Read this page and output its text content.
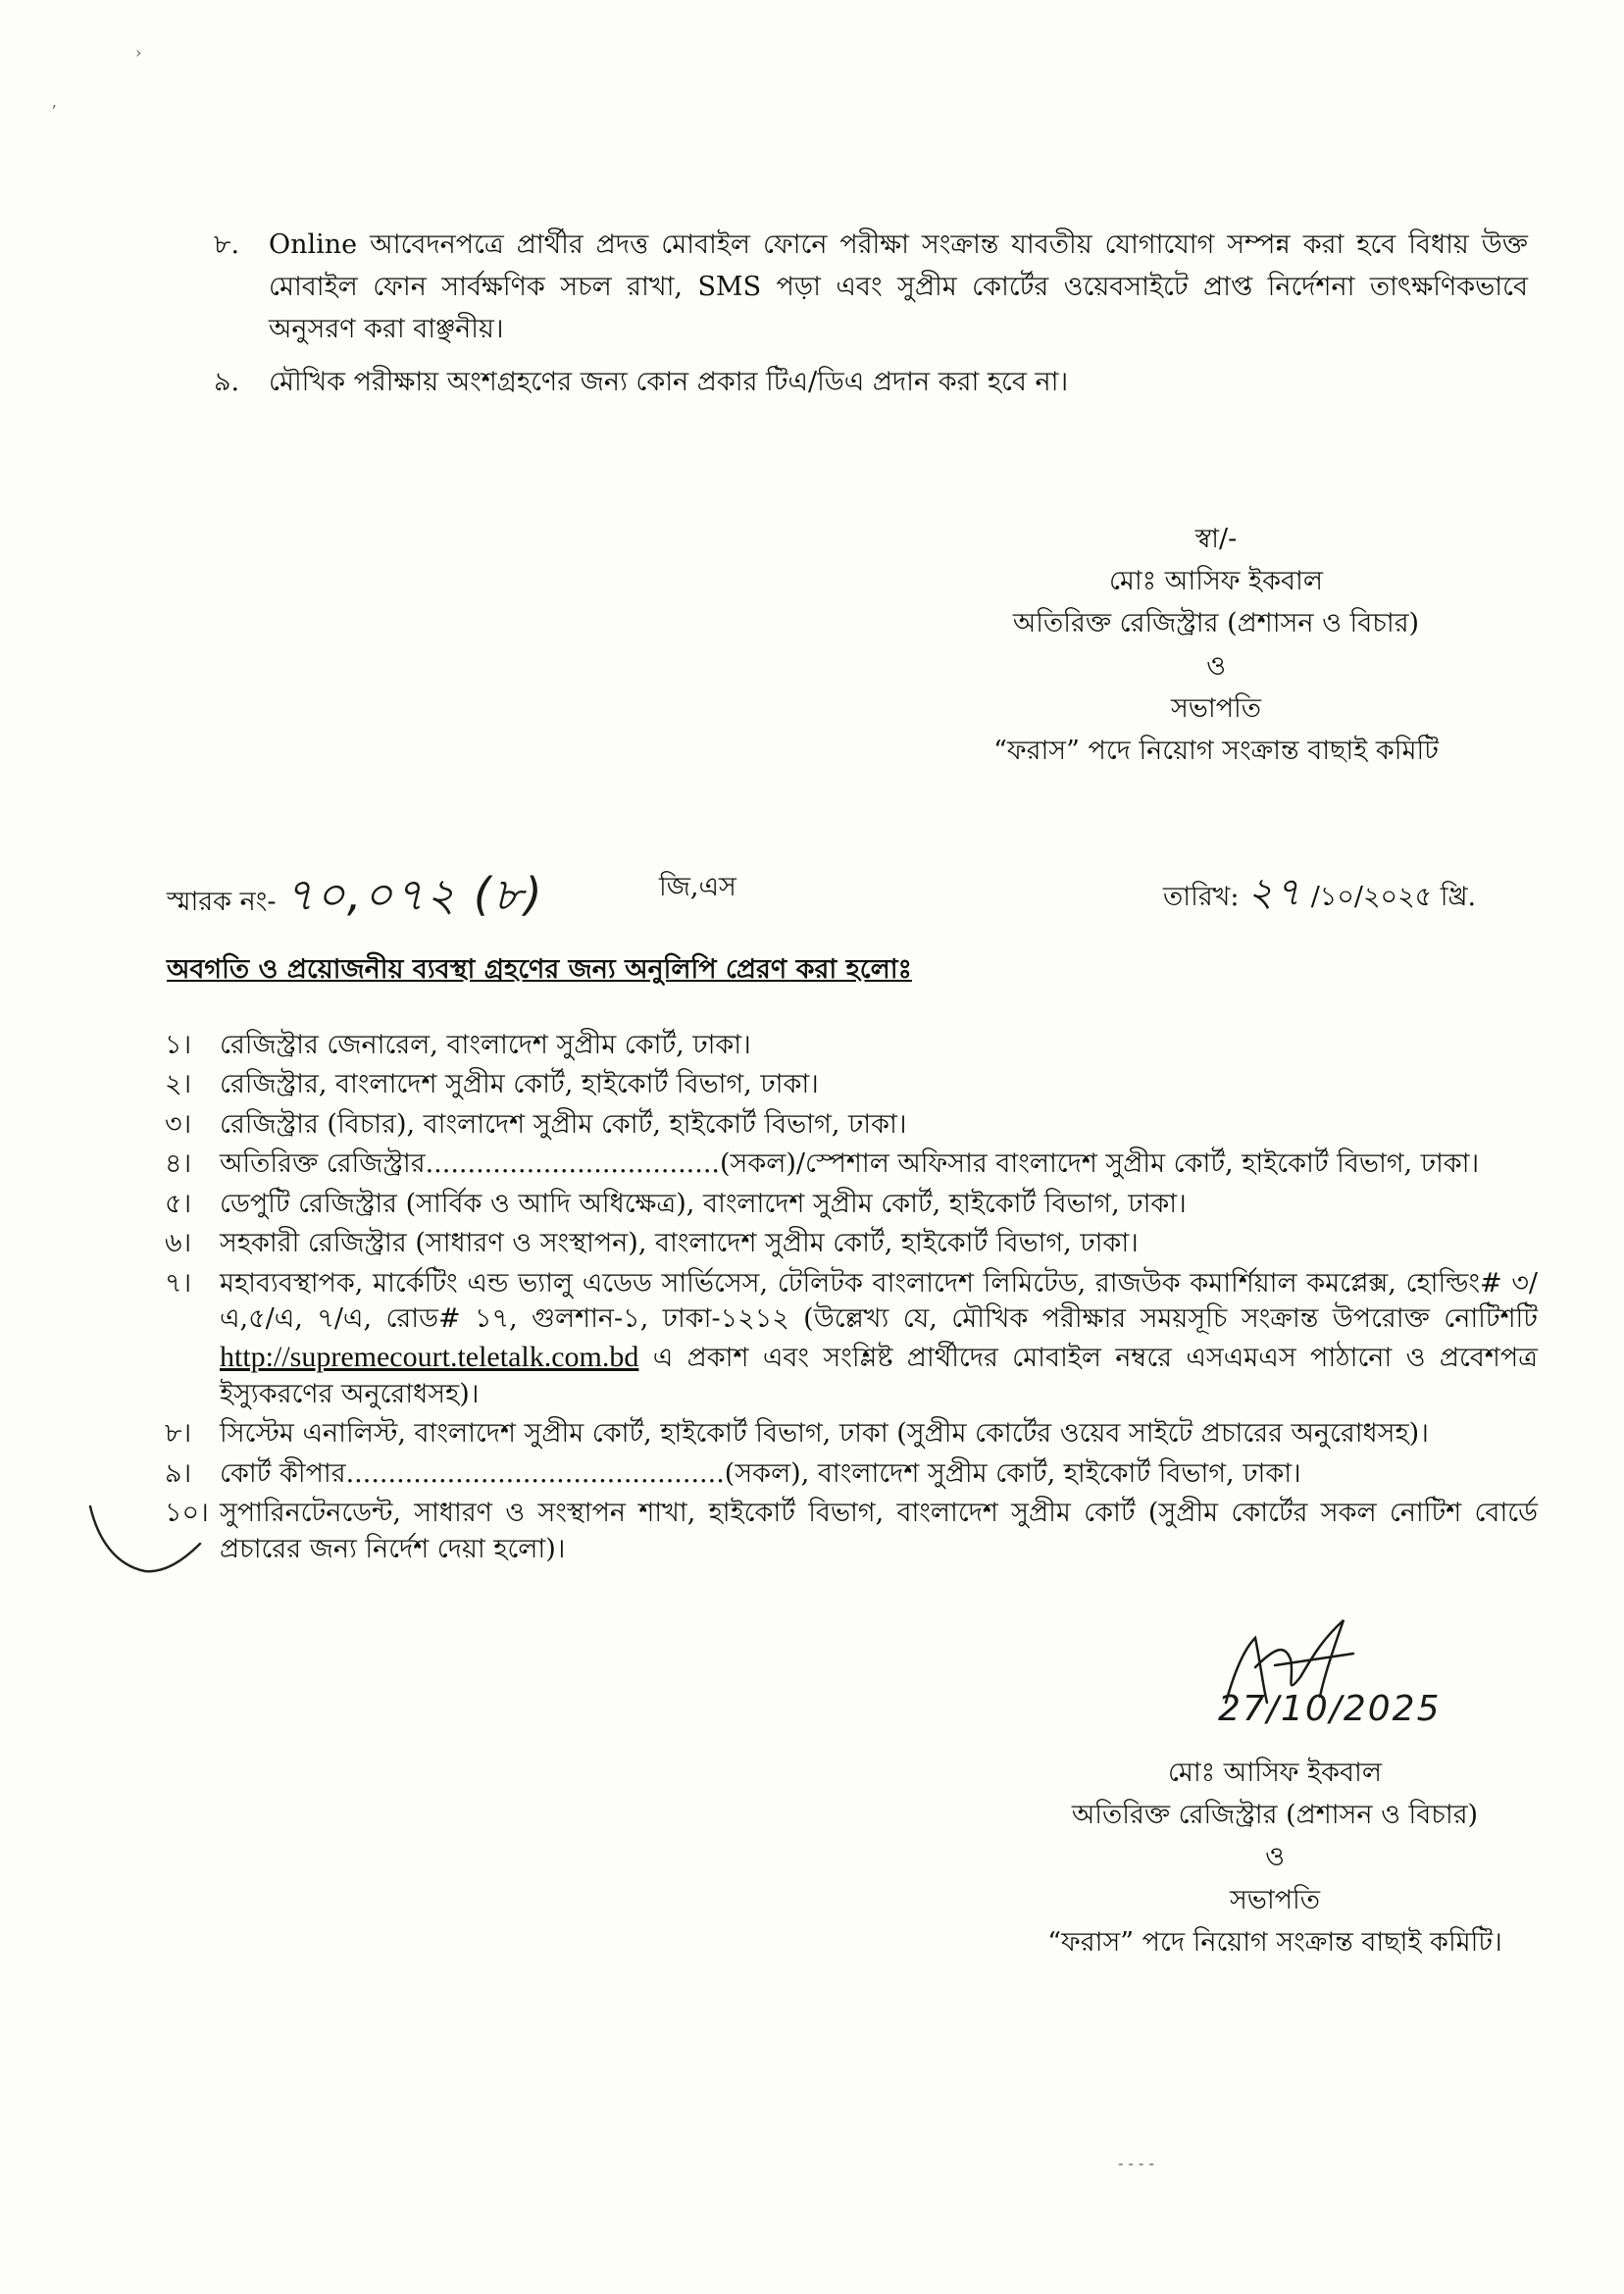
›
ʼ
- - - -
৮.	Online আবেদনপত্রে প্রার্থীর প্রদত্ত মোবাইল ফোনে পরীক্ষা সংক্রান্ত যাবতীয় যোগাযোগ সম্পন্ন করা হবে বিধায় উক্ত মোবাইল ফোন সার্বক্ষণিক সচল রাখা, SMS পড়া এবং সুপ্রীম কোর্টের ওয়েবসাইটে প্রাপ্ত নির্দেশনা তাৎক্ষণিকভাবে অনুসরণ করা বাঞ্ছনীয়।
৯.	মৌখিক পরীক্ষায় অংশগ্রহণের জন্য কোন প্রকার টিএ/ডিএ প্রদান করা হবে না।
স্বা/-
মোঃ আসিফ ইকবাল
অতিরিক্ত রেজিস্ট্রার (প্রশাসন ও বিচার)
ও
সভাপতি
“ফরাস” পদে নিয়োগ সংক্রান্ত বাছাই কমিটি
স্মারক নং- ৭০,০৭২ (৮)	জি,এস	তারিখ: ২৭ /১০/২০২৫ খ্রি.
অবগতি ও প্রয়োজনীয় ব্যবস্থা গ্রহণের জন্য অনুলিপি প্রেরণ করা হলোঃ
১।	রেজিস্ট্রার জেনারেল, বাংলাদেশ সুপ্রীম কোর্ট, ঢাকা।
২।	রেজিস্ট্রার, বাংলাদেশ সুপ্রীম কোর্ট, হাইকোর্ট বিভাগ, ঢাকা।
৩।	রেজিস্ট্রার (বিচার), বাংলাদেশ সুপ্রীম কোর্ট, হাইকোর্ট বিভাগ, ঢাকা।
৪।	অতিরিক্ত রেজিস্ট্রার...................................(সকল)/স্পেশাল অফিসার বাংলাদেশ সুপ্রীম কোর্ট, হাইকোর্ট বিভাগ, ঢাকা।
৫।	ডেপুটি রেজিস্ট্রার (সার্বিক ও আদি অধিক্ষেত্র), বাংলাদেশ সুপ্রীম কোর্ট, হাইকোর্ট বিভাগ, ঢাকা।
৬।	সহকারী রেজিস্ট্রার (সাধারণ ও সংস্থাপন), বাংলাদেশ সুপ্রীম কোর্ট, হাইকোর্ট বিভাগ, ঢাকা।
৭।	মহাব্যবস্থাপক, মার্কেটিং এন্ড ভ্যালু এডেড সার্ভিসেস, টেলিটক বাংলাদেশ লিমিটেড, রাজউক কমার্শিয়াল কমপ্লেক্স, হোল্ডিং# ৩/এ,৫/এ, ৭/এ, রোড# ১৭, গুলশান-১, ঢাকা-১২১২ (উল্লেখ্য যে, মৌখিক পরীক্ষার সময়সূচি সংক্রান্ত উপরোক্ত নোটিশটি http://supremecourt.teletalk.com.bd এ প্রকাশ এবং সংশ্লিষ্ট প্রার্থীদের মোবাইল নম্বরে এসএমএস পাঠানো ও প্রবেশপত্র ইস্যুকরণের অনুরোধসহ)।
৮।	সিস্টেম এনালিস্ট, বাংলাদেশ সুপ্রীম কোর্ট, হাইকোর্ট বিভাগ, ঢাকা (সুপ্রীম কোর্টের ওয়েব সাইটে প্রচারের অনুরোধসহ)।
৯।	কোর্ট কীপার.............................................(সকল), বাংলাদেশ সুপ্রীম কোর্ট, হাইকোর্ট বিভাগ, ঢাকা।
১০। সুপারিনটেনডেন্ট, সাধারণ ও সংস্থাপন শাখা, হাইকোর্ট বিভাগ, বাংলাদেশ সুপ্রীম কোর্ট (সুপ্রীম কোর্টের সকল নোটিশ বোর্ডে প্রচারের জন্য নির্দেশ দেয়া হলো)।
27/10/2025
মোঃ আসিফ ইকবাল
অতিরিক্ত রেজিস্ট্রার (প্রশাসন ও বিচার)
ও
সভাপতি
“ফরাস” পদে নিয়োগ সংক্রান্ত বাছাই কমিটি।
